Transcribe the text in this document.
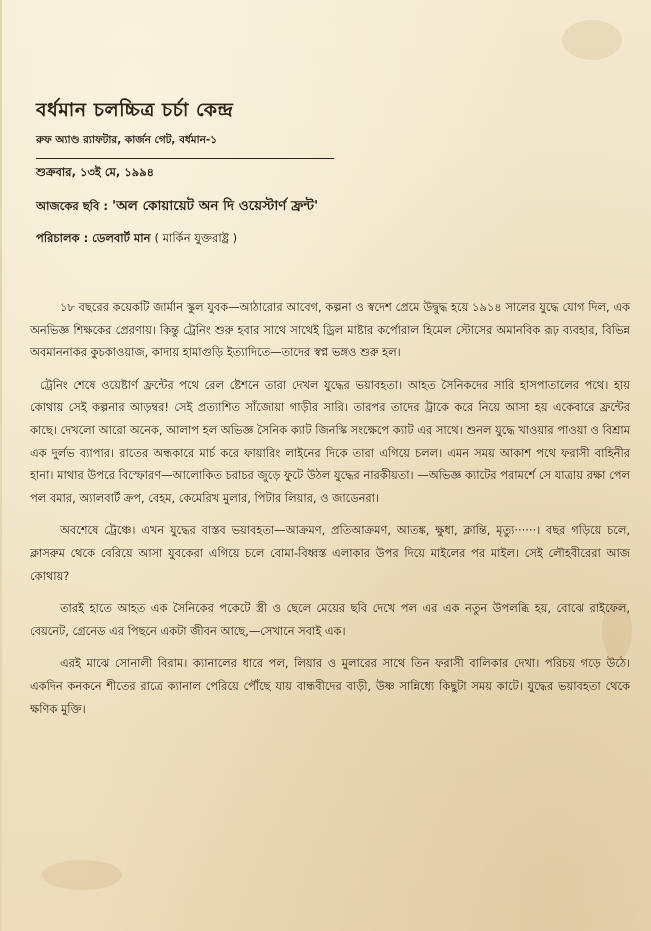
বর্ধমান চলচ্চিত্র চর্চা কেন্দ্র

রুফ অ্যাণ্ড র‍্যাফটার, কার্জন গেট, বর্ধমান-১

শুক্রবার, ১৩ই মে, ১৯৯৪

আজকের ছবি : 'অল কোয়ায়েট অন দি ওয়েস্টার্ণ ফ্রন্ট'

পরিচালক : ডেলবার্ট মান ( মার্কিন যুক্তরাষ্ট্র )

১৮ বছরের কয়েকটি জার্মান স্কুল যুবক—আঠারোর আবেগ, কল্পনা ও স্বদেশ প্রেমে উদ্বুদ্ধ হয়ে ১৯১৪ সালের যুদ্ধে যোগ দিল, এক অনভিজ্ঞ শিক্ষকের প্রেরণায়। কিন্তু ট্রেনিং শুরু হবার সাথে সাথেই ড্রিল মাষ্টার কর্পোরাল হিমেল স্টোসের অমানবিক রূঢ় ব্যবহার, বিভিন্ন অবমাননাকর কুচকাওয়াজ, কাদায় হামাগুড়ি ইত্যাদিতে—তাদের স্বপ্ন ভঙ্গও শুরু হল।

ট্রেনিং শেষে ওয়েষ্টার্ণ ফ্রন্টের পথে রেল ষ্টেশনে তারা দেখল যুদ্ধের ভয়াবহতা। আহত সৈনিকদের সারি হাসপাতালের পথে। হায় কোথায় সেই কল্পনার আড়ম্বর! সেই প্রত্যাশিত সাঁজোয়া গাড়ীর সারি। তারপর তাদের ট্রাকে করে নিয়ে আসা হয় একেবারে ফ্রন্টের কাছে। দেখলো আরো অনেক, আলাপ হল অভিজ্ঞ সৈনিক ক্যাট জিনস্কি সংক্ষেপে ক্যাট এর সাথে। শুনল যুদ্ধে খাওয়ার পাওয়া ও বিশ্রাম এক দুর্লভ ব্যাপার। রাতের অন্ধকারে মার্চ করে ফায়ারিং লাইনের দিকে তারা এগিয়ে চলল। এমন সময় আকাশ পথে ফরাসী বাহিনীর হানা। মাথার উপরে বিস্ফোরণ—আলোকিত চরাচর জুড়ে ফুটে উঠল যুদ্ধের নারকীয়তা। —অভিজ্ঞ ক্যাটের পরামর্শে সে যাত্রায় রক্ষা পেল পল বমার, অ্যালবার্ট ক্রপ, বেহম, কেমেরিখ মুলার, পিটার লিয়ার, ও জাডেনরা।

অবশেষে ট্রেঞ্চে। এখন যুদ্ধের বাস্তব ভয়াবহতা—আক্রমণ, প্রতিআক্রমণ, আতঙ্ক, ক্ষুধা, ক্লান্তি, মৃত্যু······। বছর গড়িয়ে চলে, ক্লাসরুম থেকে বেরিয়ে আসা যুবকেরা এগিয়ে চলে বোমা-বিধ্বস্ত এলাকার উপর দিয়ে মাইলের পর মাইল। সেই লৌহবীরেরা আজ কোথায়?

তারই হাতে আহত এক সৈনিকের পকেটে স্ত্রী ও ছেলে মেয়ের ছবি দেখে পল এর এক নতুন উপলব্ধি হয়, বোঝে রাইফেল, বেয়নেট, গ্রেনেড এর পিছনে একটা জীবন আছে,—সেখানে সবাই এক।

এরই মাঝে সোনালী বিরাম। ক্যানালের ধারে পল, লিয়ার ও মুলারের সাথে তিন ফরাসী বালিকার দেখা। পরিচয় গড়ে উঠে। একদিন কনকনে শীতের রাত্রে ক্যানাল পেরিয়ে পৌঁছে যায় বান্ধবীদের বাড়ী, উষ্ণ সান্নিধ্যে কিছুটা সময় কাটে। যুদ্ধের ভয়াবহতা থেকে ক্ষণিক মুক্তি।
